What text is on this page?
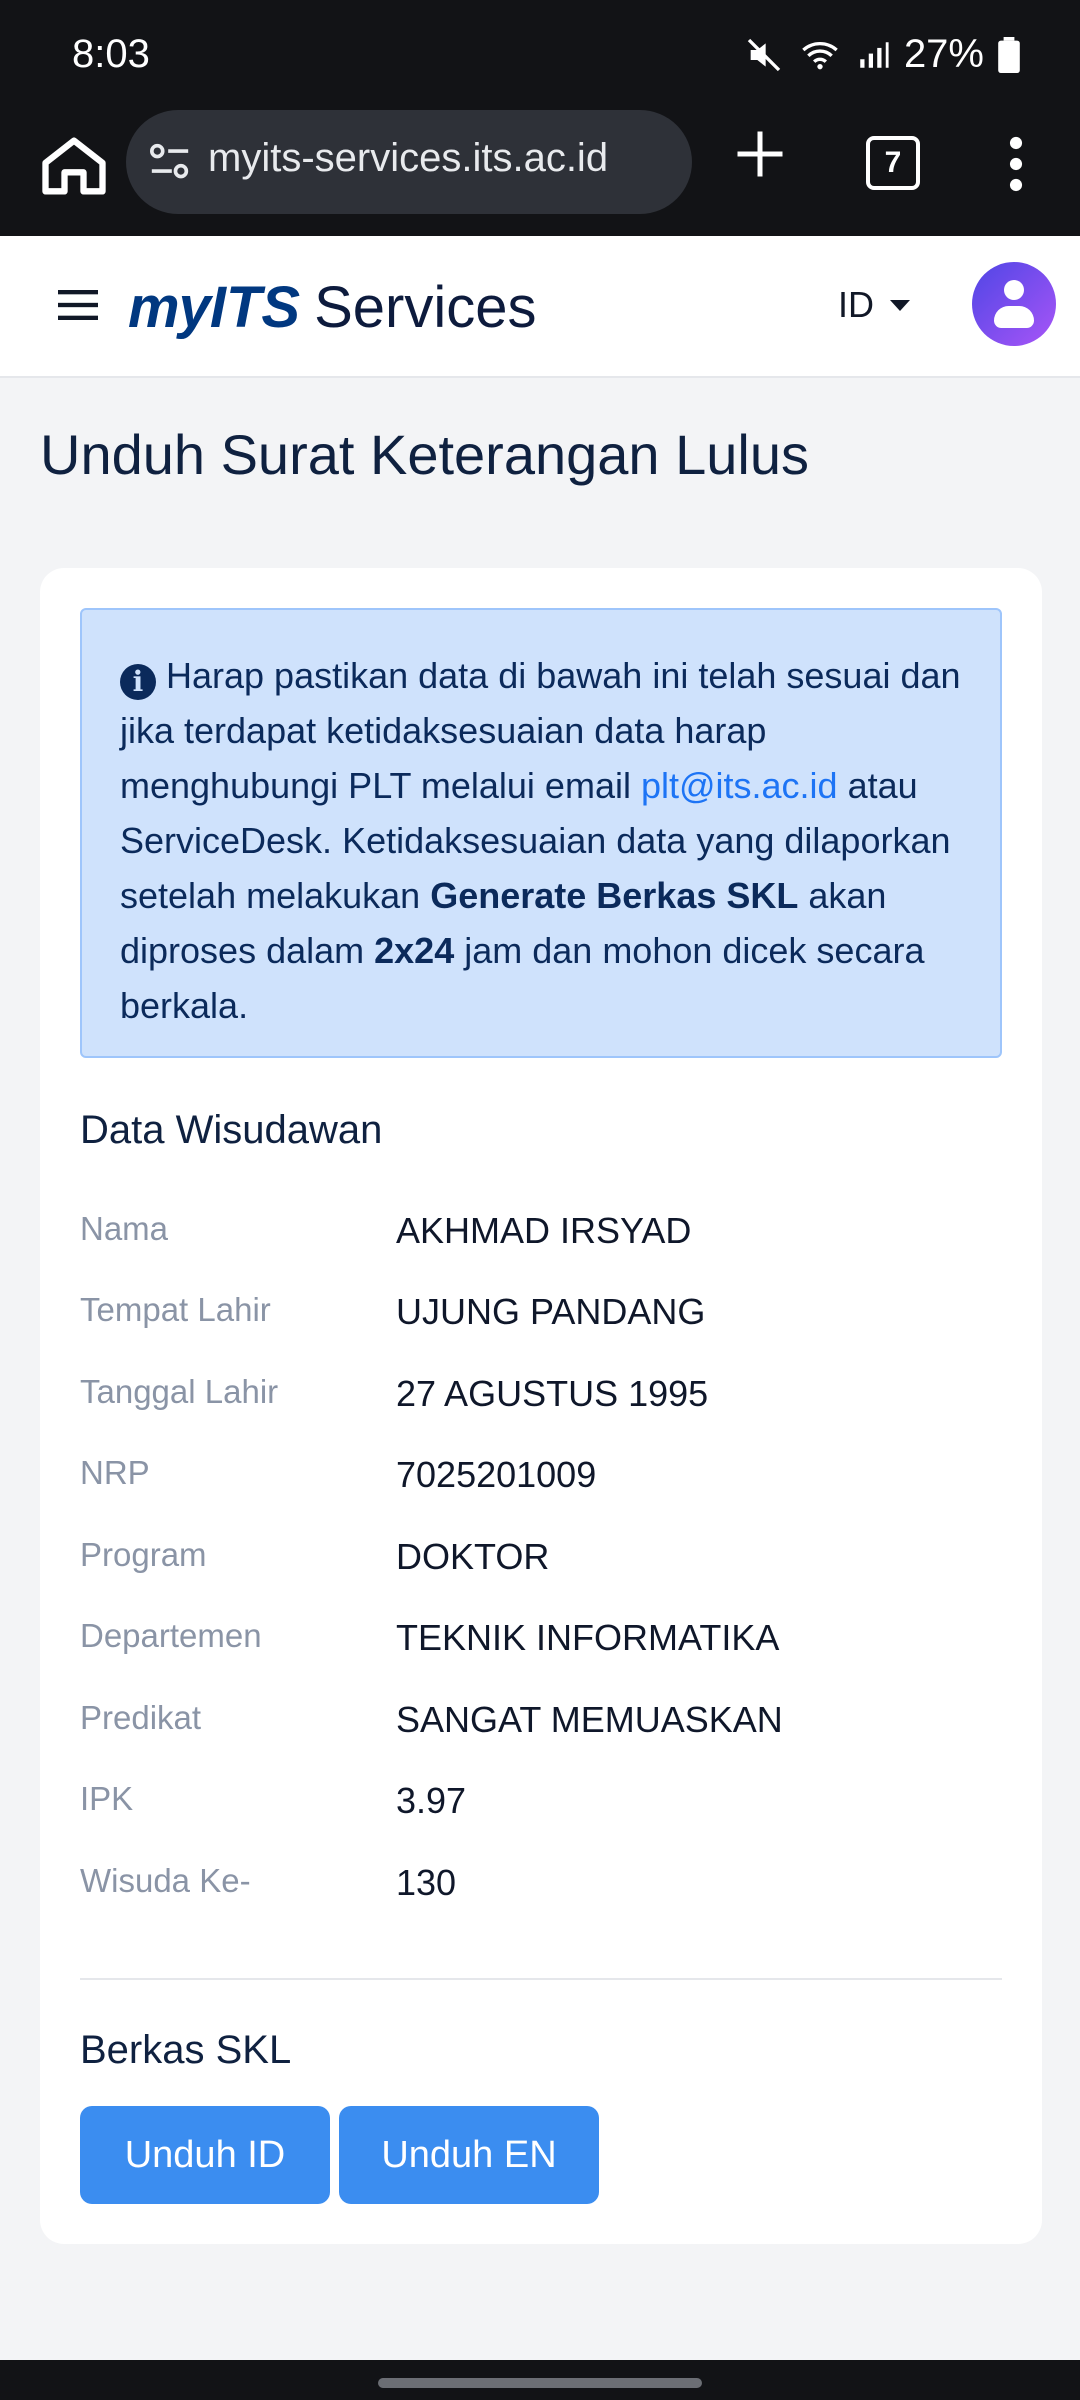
8:03	27%
myits-services.its.ac.id	7
my ITS Services	ID
Unduh Surat Keterangan Lulus
i Harap pastikan data di bawah ini telah sesuai dan jika terdapat ketidaksesuaian data harap menghubungi PLT melalui email plt@its.ac.id atau ServiceDesk. Ketidaksesuaian data yang dilaporkan setelah melakukan Generate Berkas SKL akan diproses dalam 2x24 jam dan mohon dicek secara berkala.
Data Wisudawan
Nama	AKHMAD IRSYAD
Tempat Lahir	UJUNG PANDANG
Tanggal Lahir	27 AGUSTUS 1995
NRP	7025201009
Program	DOKTOR
Departemen	TEKNIK INFORMATIKA
Predikat	SANGAT MEMUASKAN
IPK	3.97
Wisuda Ke-	130
Berkas SKL
Unduh ID	Unduh EN
